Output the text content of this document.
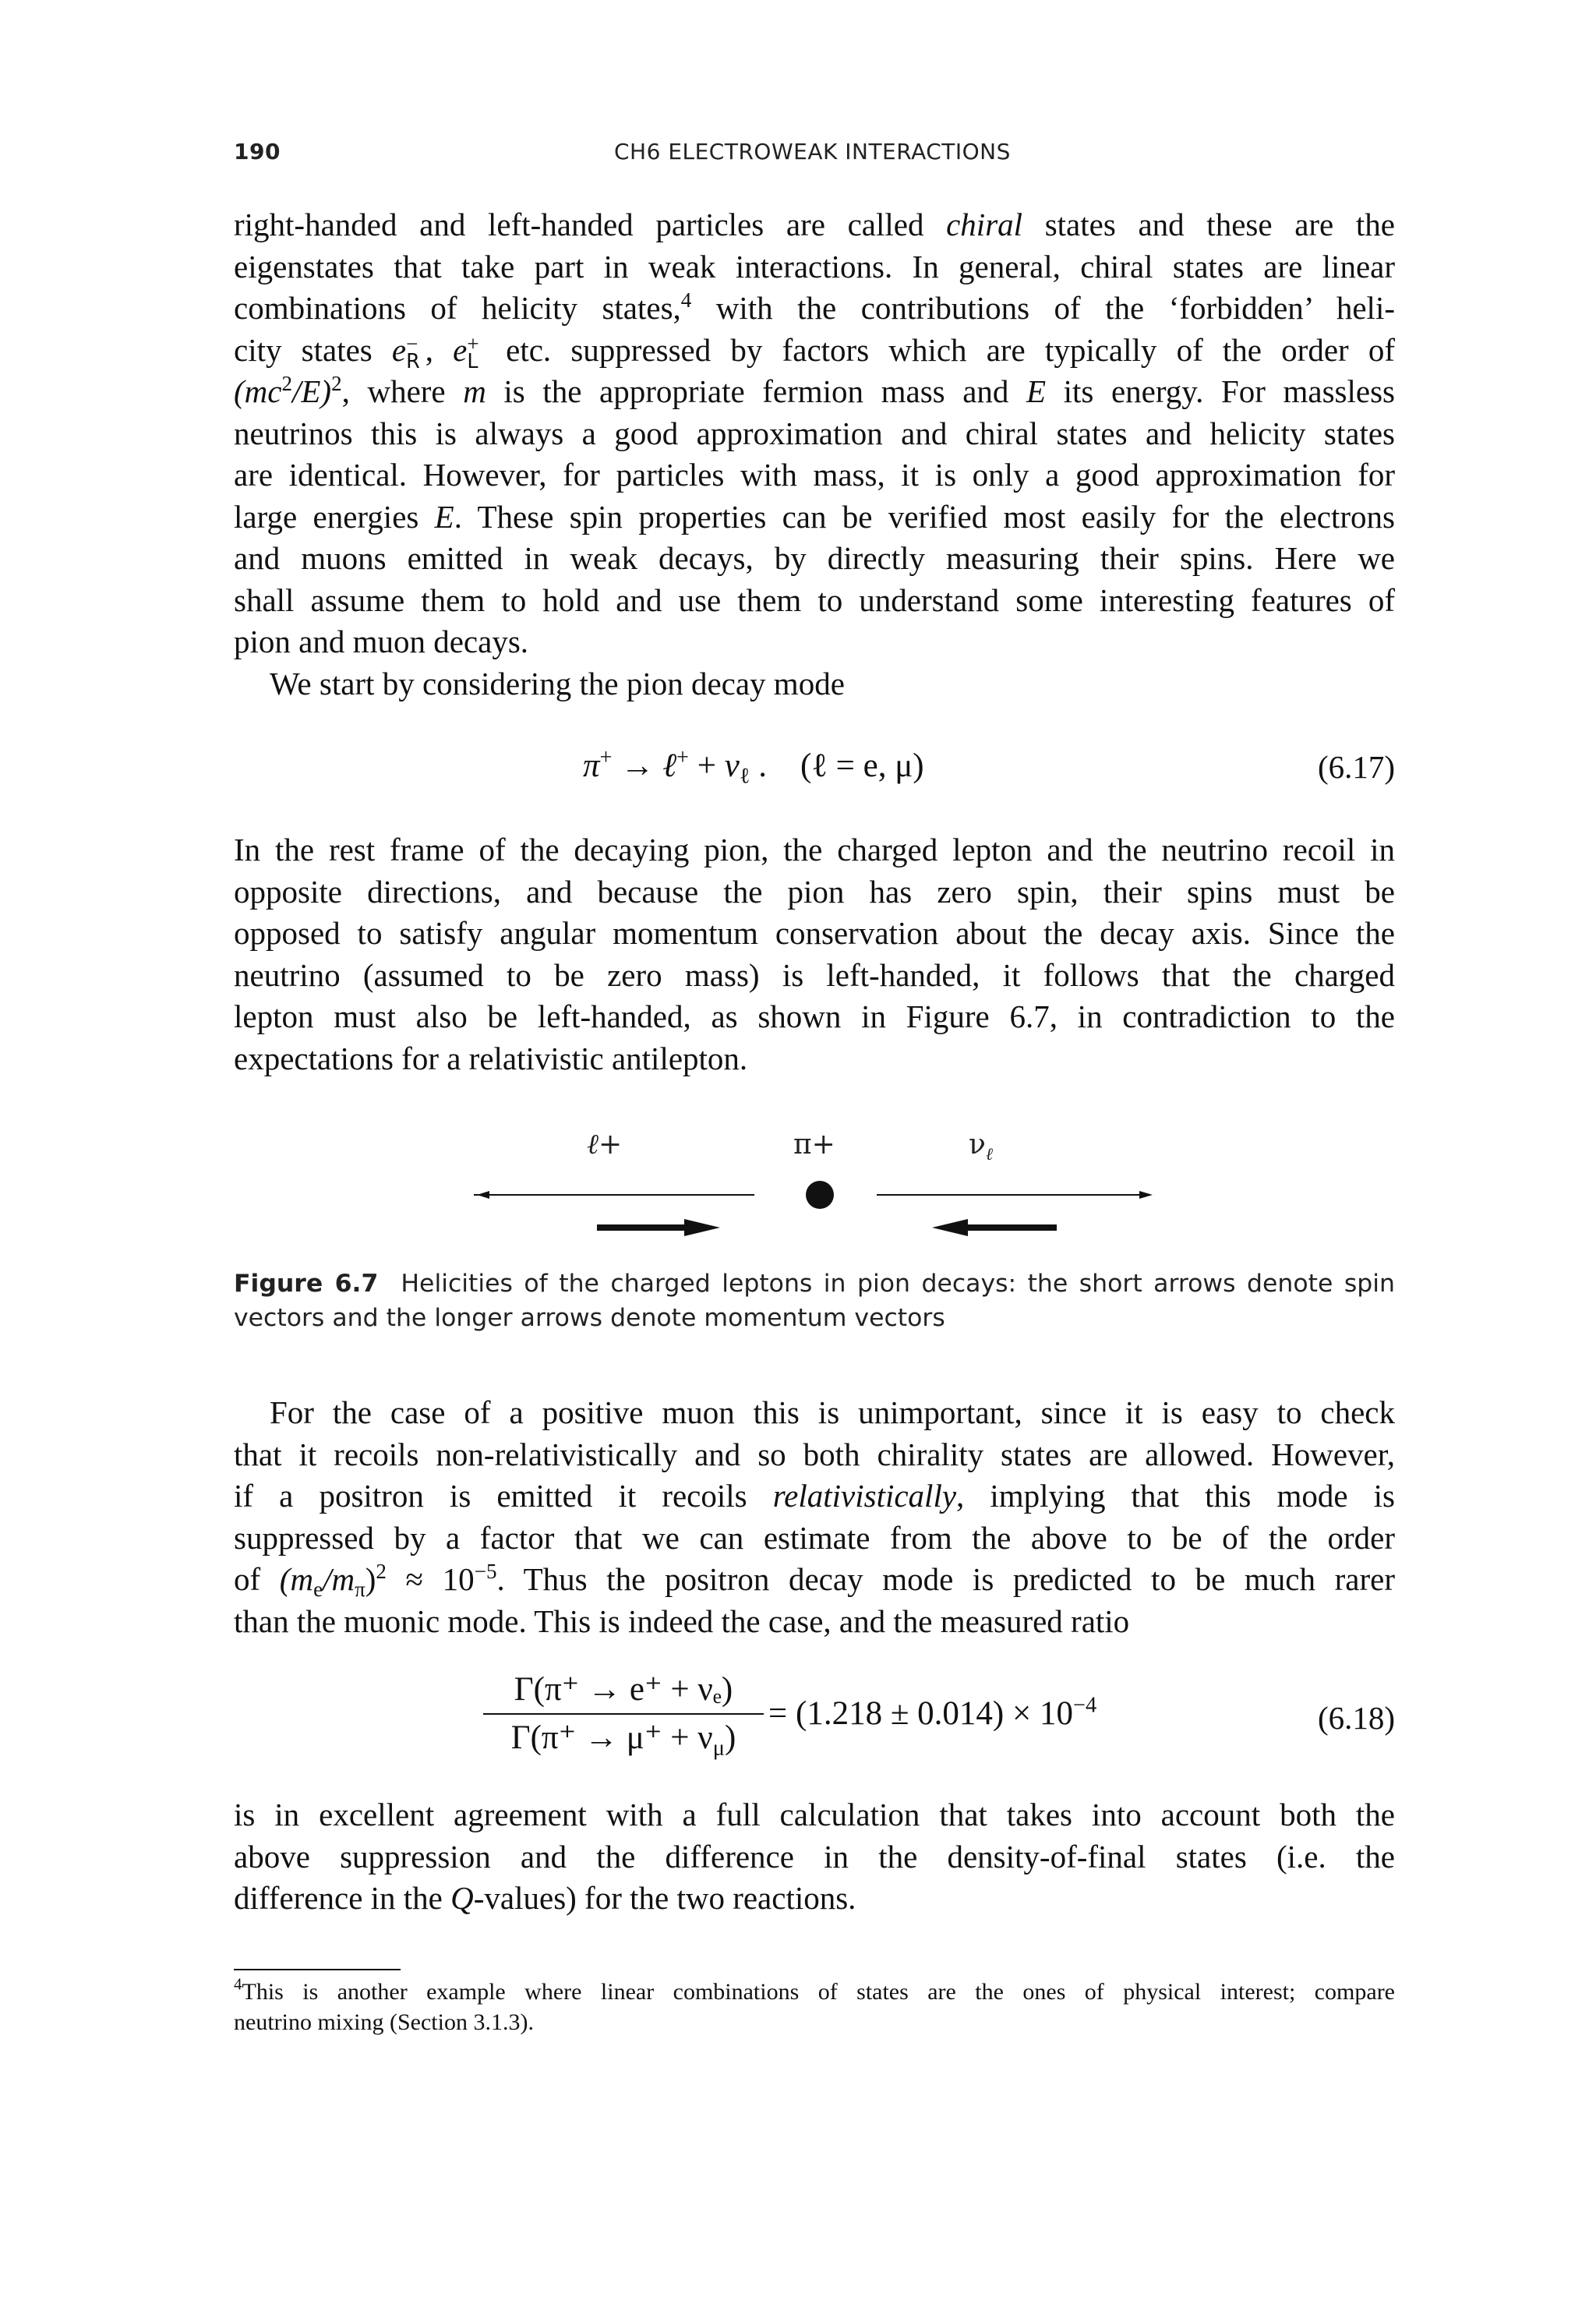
190	CH6 ELECTROWEAK INTERACTIONS
right-handed and left-handed particles are called chiral states and these are the
eigenstates that take part in weak interactions. In general, chiral states are linear
combinations of helicity states,$^4$ with the contributions of the ‘forbidden’ heli-
city states e −
R , e +
L etc. suppressed by factors which are typically of the order of
$(mc^2/E)^2$, where m is the appropriate fermion mass and E its energy. For massless
neutrinos this is always a good approximation and chiral states and helicity states
are identical. However, for particles with mass, it is only a good approximation for
large energies E. These spin properties can be verified most easily for the electrons
and muons emitted in weak decays, by directly measuring their spins. Here we
shall assume them to hold and use them to understand some interesting features of
pion and muon decays.
We start by considering the pion decay mode
π+ → ℓ+ + $\nu_\ell$ . (ℓ = e, μ)	(6.17)
In the rest frame of the decaying pion, the charged lepton and the neutrino recoil in
opposite directions, and because the pion has zero spin, their spins must be
opposed to satisfy angular momentum conservation about the decay axis. Since the
neutrino (assumed to be zero mass) is left-handed, it follows that the charged
lepton must also be left-handed, as shown in Figure 6.7, in contradiction to the
expectations for a relativistic antilepton.
ℓ+	π+	$\nu_\ell$
Figure 6.7 Helicities of the charged leptons in pion decays: the short arrows denote spin
vectors and the longer arrows denote momentum vectors
For the case of a positive muon this is unimportant, since it is easy to check
that it recoils non-relativistically and so both chirality states are allowed. However,
if a positron is emitted it recoils relativistically, implying that this mode is
suppressed by a factor that we can estimate from the above to be of the order
of $(m_e/m_\pi)^2 \approx 10^{-5}$. Thus the positron decay mode is predicted to be much rarer
than the muonic mode. This is indeed the case, and the measured ratio
$\frac{\text{Γ(π⁺ → e⁺ + νₑ)}}{\Gamma(\pi^+ \to \mu^+ + \nu_\mu)} = (1.218 \pm 0.014) \times 10^{-4}$	(6.18)
is in excellent agreement with a full calculation that takes into account both the
above suppression and the difference in the density-of-final states (i.e. the
difference in the Q-values) for the two reactions.
$^4$This is another example where linear combinations of states are the ones of physical interest; compare
neutrino mixing (Section 3.1.3).
